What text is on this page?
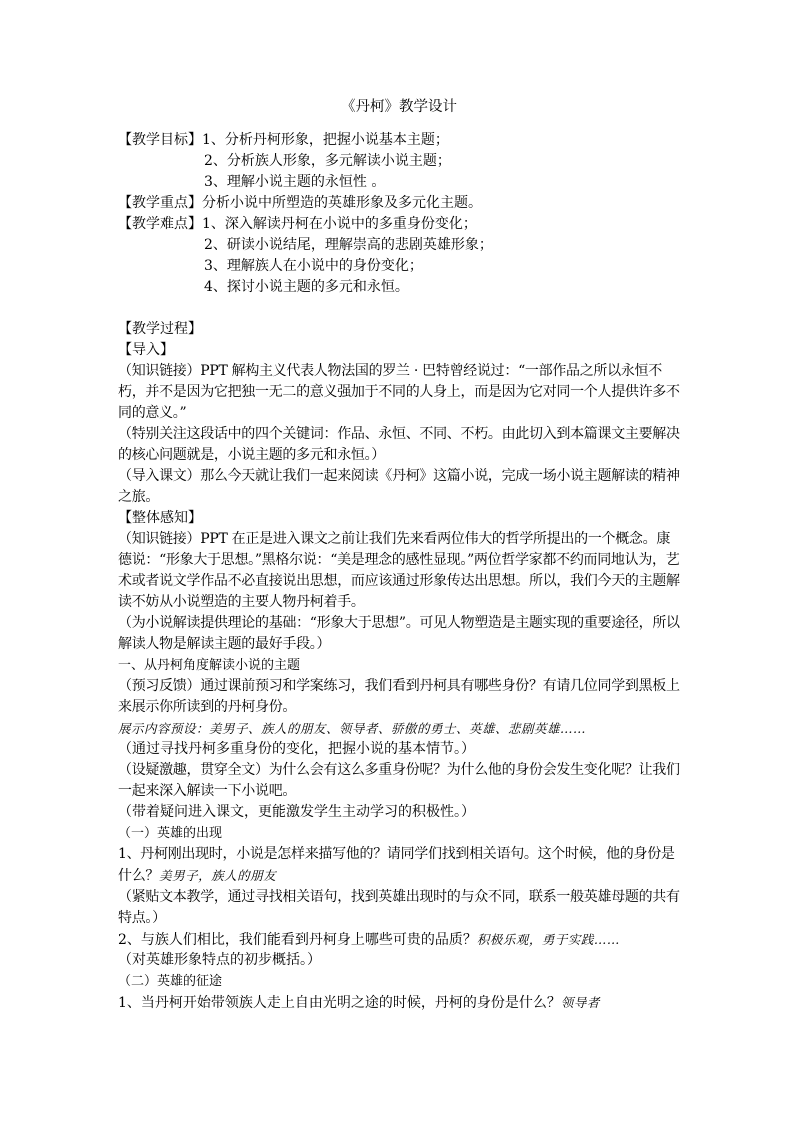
《丹柯》教学设计
【教学目标】1、分析丹柯形象，把握小说基本主题；
2、分析族人形象，多元解读小说主题；
3、理解小说主题的永恒性 。
【教学重点】分析小说中所塑造的英雄形象及多元化主题。
【教学难点】1、深入解读丹柯在小说中的多重身份变化；
2、研读小说结尾，理解崇高的悲剧英雄形象；
3、理解族人在小说中的身份变化；
4、探讨小说主题的多元和永恒。
【教学过程】
【导入】
（知识链接）PPT 解构主义代表人物法国的罗兰 · 巴特曾经说过：“一部作品之所以永恒不朽，并不是因为它把独一无二的意义强加于不同的人身上，而是因为它对同一个人提供许多不同的意义。”
（特别关注这段话中的四个关键词：作品、永恒、不同、不朽。由此切入到本篇课文主要解决的核心问题就是，小说主题的多元和永恒。）
（导入课文）那么今天就让我们一起来阅读《丹柯》这篇小说，完成一场小说主题解读的精神之旅。
【整体感知】
（知识链接）PPT 在正是进入课文之前让我们先来看两位伟大的哲学所提出的一个概念。康德说：“形象大于思想。”黑格尔说：“美是理念的感性显现。”两位哲学家都不约而同地认为，艺术或者说文学作品不必直接说出思想，而应该通过形象传达出思想。所以，我们今天的主题解读不妨从小说塑造的主要人物丹柯着手。
（为小说解读提供理论的基础：“形象大于思想”。可见人物塑造是主题实现的重要途径，所以解读人物是解读主题的最好手段。）
一、从丹柯角度解读小说的主题
（预习反馈）通过课前预习和学案练习，我们看到丹柯具有哪些身份？有请几位同学到黑板上来展示你所读到的丹柯身份。
展示内容预设：美男子、族人的朋友、领导者、骄傲的勇士、英雄、悲剧英雄……
（通过寻找丹柯多重身份的变化，把握小说的基本情节。）
（设疑激趣，贯穿全文）为什么会有这么多重身份呢？为什么他的身份会发生变化呢？让我们一起来深入解读一下小说吧。
（带着疑问进入课文，更能激发学生主动学习的积极性。）
（一）英雄的出现
1、丹柯刚出现时，小说是怎样来描写他的？请同学们找到相关语句。这个时候，他的身份是什么？美男子，族人的朋友
（紧贴文本教学，通过寻找相关语句，找到英雄出现时的与众不同，联系一般英雄母题的共有特点。）
2、与族人们相比，我们能看到丹柯身上哪些可贵的品质？积极乐观，勇于实践……
（对英雄形象特点的初步概括。）
（二）英雄的征途
1、当丹柯开始带领族人走上自由光明之途的时候，丹柯的身份是什么？领导者
